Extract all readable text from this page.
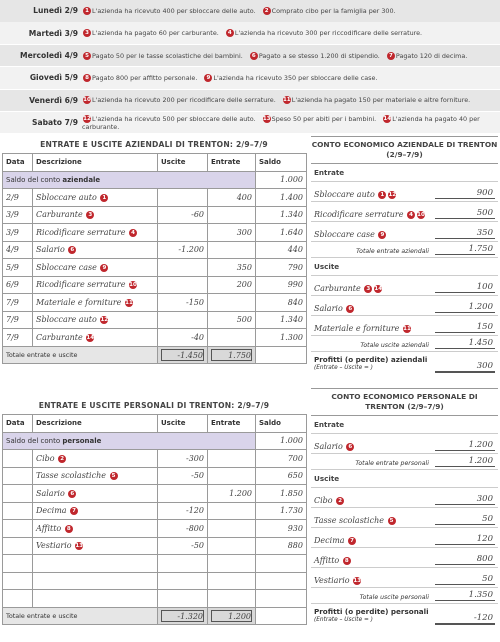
Lunedì 2/9	1 L'azienda ha ricevuto 400 per sbloccare delle auto. 2 Comprato cibo per la famiglia per 300.
Martedì 3/9	3 L'azienda ha pagato 60 per carburante. 4 L'azienda ha ricevuto 300 per riccodificare delle serrature.
Mercoledì 4/9	5 Pagato 50 per le tasse scolastiche dei bambini. 6 Pagato a se stesso 1.200 di stipendio. 7 Pagato 120 di decima.
Giovedì 5/9	8 Pagato 800 per affitto personale. 9 L'azienda ha ricevuto 350 per sbloccare delle case.
Venerdì 6/9 10L'azienda ha ricevuto 200 per ricodificare delle serrature. 11L'azienda ha pagato 150 per materiale e altre forniture.
Sabato 7/9 12L'azienda ha ricevuto 500 per sbloccare delle auto. 13Speso 50 per abiti per i bambini. 14L'azienda ha pagato 40 per carburante.
ENTRATE E USCITE AZIENDALI DI TRENTON: 2/9–7/9
Data	Descrizione	Uscite	Entrate	Saldo
Saldo del conto aziendale				1.000
2/9	Sbloccare auto 1		400	1.400
3/9	Carburante 3	-60		1.340
3/9	Ricodificare serrature 4		300	1.640
4/9	Salario 6	-1.200		440
5/9	Sbloccare case 9		350	790
6/9	Ricodificare serrature 10		200	990
7/9	Materiale e forniture 11	-150		840
7/9	Sbloccare auto 12		500	1.340
7/9	Carburante 14	-40		1.300
Totale entrate e uscite		-1.450	1.750	

ENTRATE E USCITE PERSONALI DI TRENTON: 2/9–7/9
Data	Descrizione	Uscite	Entrate	Saldo
Saldo del conto personale				1.000
	Cibo 2	-300		700
	Tasse scolastiche 5	-50		650
	Salario 6		1.200	1.850
	Decima 7	-120		1.730
	Affitto 8	-800		930
	Vestiario 13	-50		880

Totale entrate e uscite		-1.320	1.200	

CONTO ECONOMICO AZIENDALE DI TRENTON (2/9–7/9)
Entrate
Sbloccare auto 1 12	900
Ricodificare serrature 4 10	500
Sbloccare case 9	350
Totale entrate aziendali	1.750
Uscite
Carburante 3 14	100
Salario 6	1.200
Materiale e forniture 11	150
Totale uscite aziendali	1.450
Profitti (o perdite) aziendali
(Entrate – Uscite = )	300
CONTO ECONOMICO PERSONALE DI TRENTON (2/9–7/9)
Entrate
Salario 6	1.200
Totale entrate personali	1.200
Uscite
Cibo 2	300
Tasse scolastiche 5	50
Decima 7	120
Affitto 8	800
Vestiario 13	50
Totale uscite personali	1.350
Profitti (o perdite) personali
(Entrate – Uscite = )	-120
